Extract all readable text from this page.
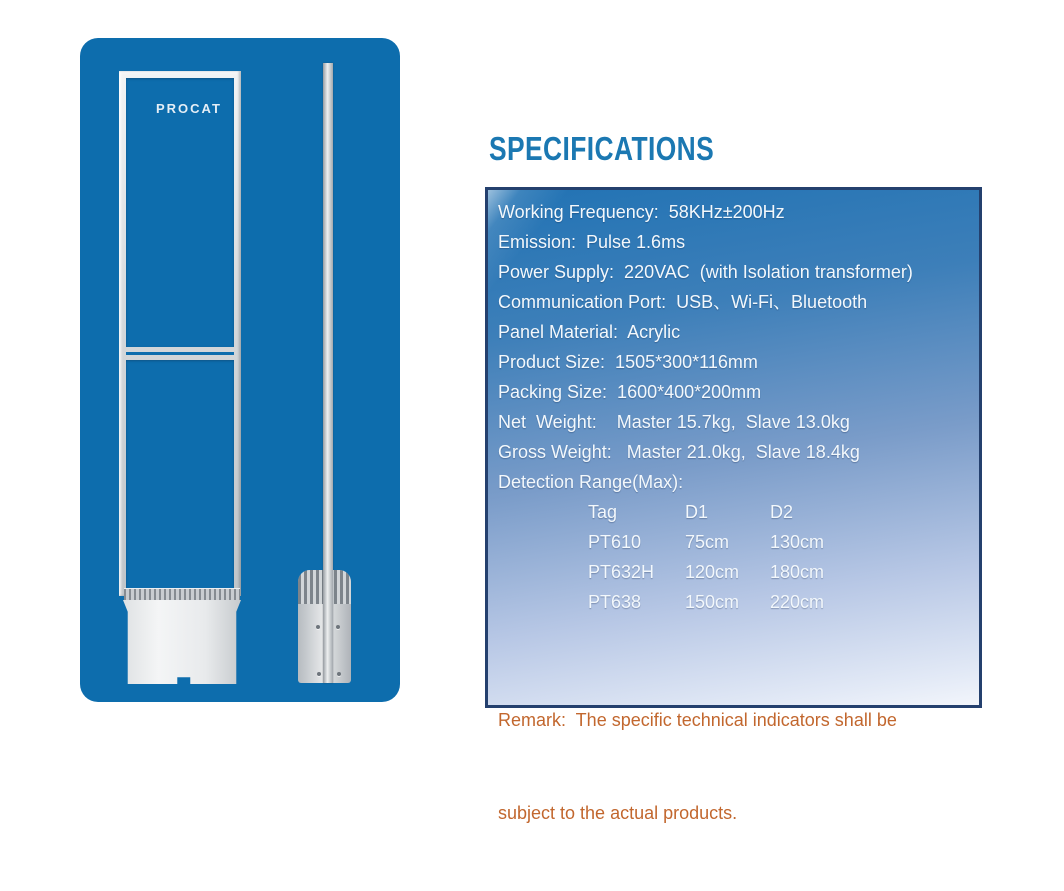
PROCAT
SPECIFICATIONS
Working Frequency:  58KHz±200Hz
Emission:  Pulse 1.6ms
Power Supply:  220VAC  (with Isolation transformer)
Communication Port:  USB、Wi-Fi、Bluetooth
Panel Material:  Acrylic
Product Size:  1505*300*116mm
Packing Size:  1600*400*200mm
Net  Weight:    Master 15.7kg,  Slave 13.0kg
Gross Weight:   Master 21.0kg,  Slave 18.4kg
Detection Range(Max):
Tag	D1	D2
PT610	75cm	130cm
PT632H	120cm	180cm
PT638	150cm	220cm

Remark:  The specific technical indicators shall be

subject to the actual products.
